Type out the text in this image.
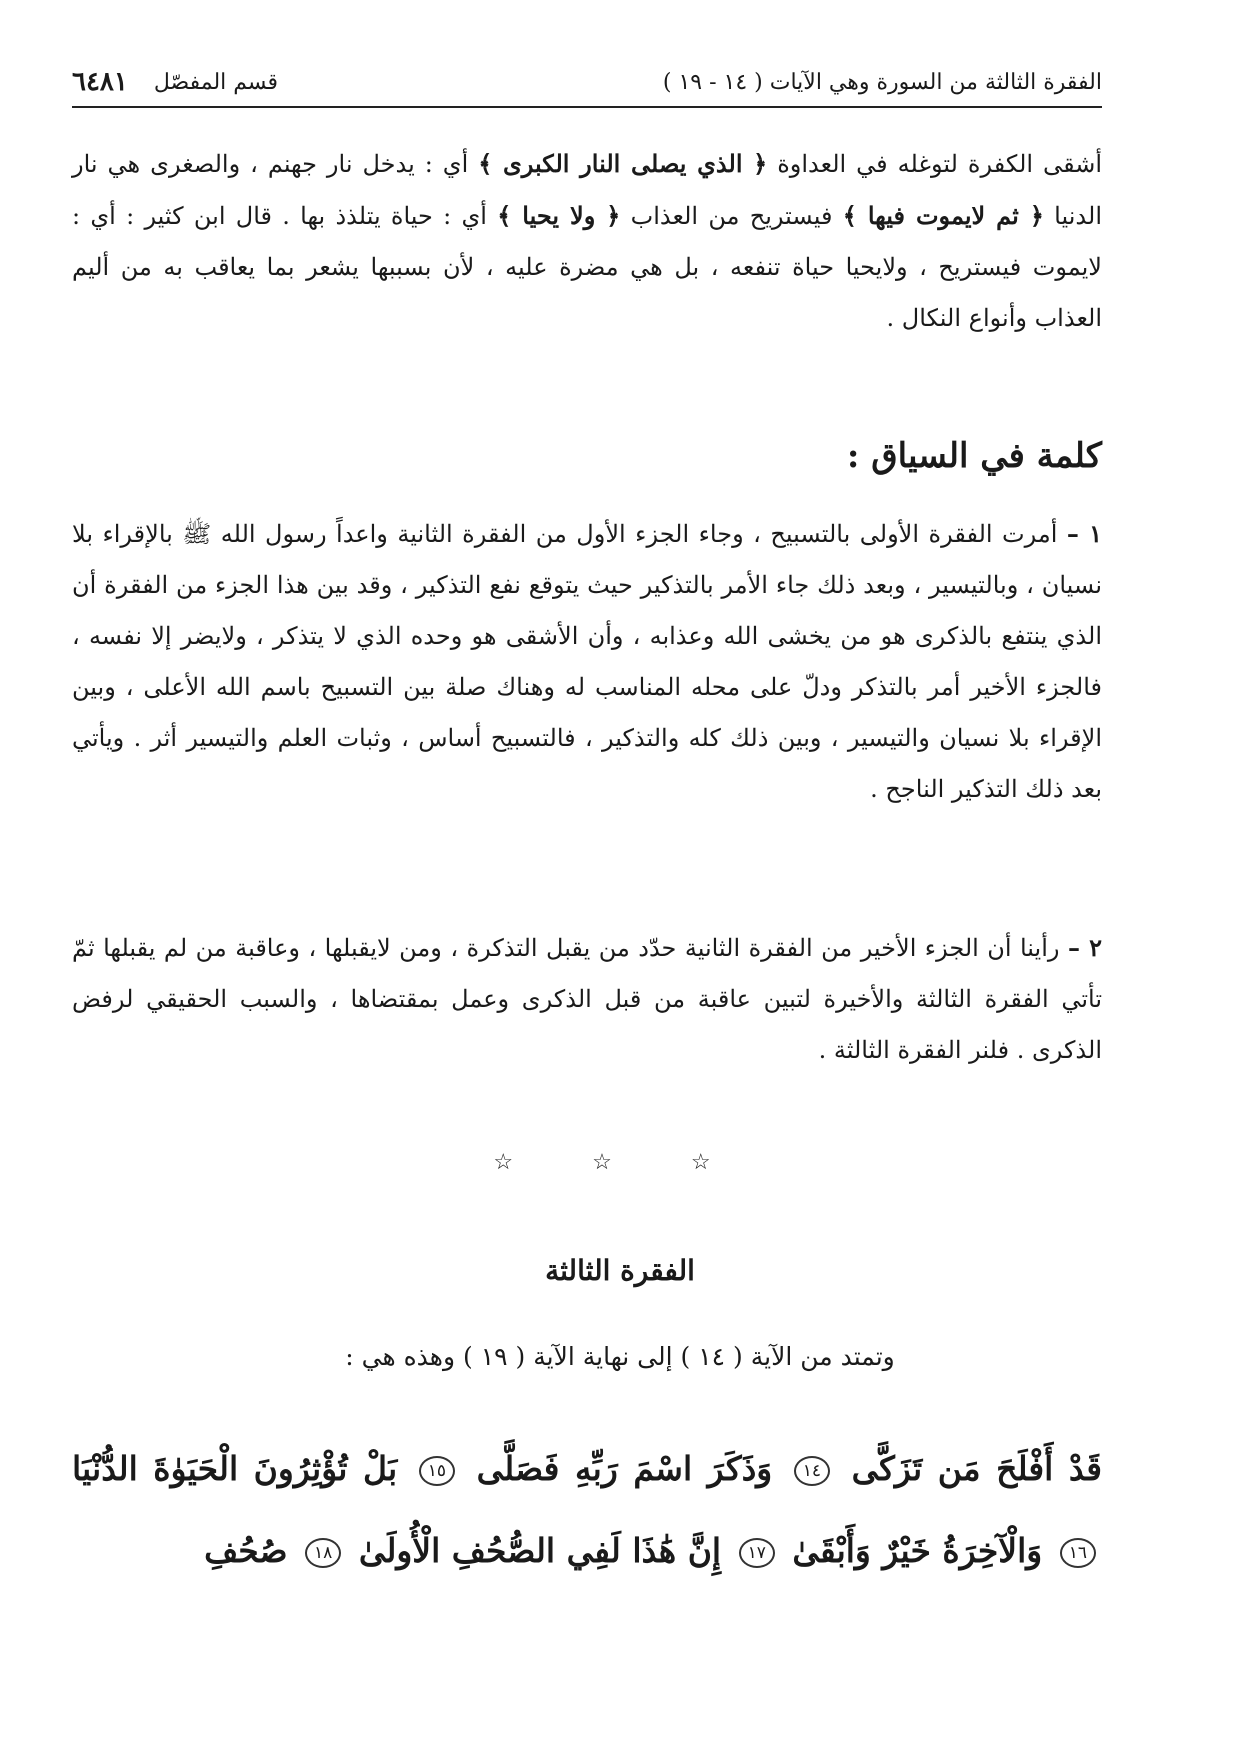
الفقرة الثالثة من السورة وهي الآيات ( ١٤ - ١٩ )
قسم المفصّل
٦٤٨١
أشقى الكفرة لتوغله في العداوة ﴿ الذي يصلى النار الكبرى ﴾ أي : يدخل نار جهنم ، والصغرى هي نار الدنيا ﴿ ثم لايموت فيها ﴾ فيستريح من العذاب ﴿ ولا يحيا ﴾ أي : حياة يتلذذ بها . قال ابن كثير : أي : لايموت فيستريح ، ولايحيا حياة تنفعه ، بل هي مضرة عليه ، لأن بسببها يشعر بما يعاقب به من أليم العذاب وأنواع النكال .
كلمة في السياق :
١ – أمرت الفقرة الأولى بالتسبيح ، وجاء الجزء الأول من الفقرة الثانية واعداً رسول الله ﷺ بالإقراء بلا نسيان ، وبالتيسير ، وبعد ذلك جاء الأمر بالتذكير حيث يتوقع نفع التذكير ، وقد بين هذا الجزء من الفقرة أن الذي ينتفع بالذكرى هو من يخشى الله وعذابه ، وأن الأشقى هو وحده الذي لا يتذكر ، ولايضر إلا نفسه ، فالجزء الأخير أمر بالتذكر ودلّ على محله المناسب له وهناك صلة بين التسبيح باسم الله الأعلى ، وبين الإقراء بلا نسيان والتيسير ، وبين ذلك كله والتذكير ، فالتسبيح أساس ، وثبات العلم والتيسير أثر . ويأتي بعد ذلك التذكير الناجح .
٢ – رأينا أن الجزء الأخير من الفقرة الثانية حدّد من يقبل التذكرة ، ومن لايقبلها ، وعاقبة من لم يقبلها ثمّ تأتي الفقرة الثالثة والأخيرة لتبين عاقبة من قبل الذكرى وعمل بمقتضاها ، والسبب الحقيقي لرفض الذكرى . فلنر الفقرة الثالثة .
☆ ☆ ☆
الفقرة الثالثة
وتمتد من الآية ( ١٤ ) إلى نهاية الآية ( ١٩ ) وهذه هي :
قَدْ أَفْلَحَ مَن تَزَكَّى ١٤ وَذَكَرَ اسْمَ رَبِّهِ فَصَلَّى ١٥ بَلْ تُؤْثِرُونَ الْحَيَوٰةَ الدُّنْيَا ١٦ وَالْآخِرَةُ خَيْرٌ وَأَبْقَىٰ ١٧ إِنَّ هَٰذَا لَفِي الصُّحُفِ الْأُولَىٰ ١٨ صُحُفِ
